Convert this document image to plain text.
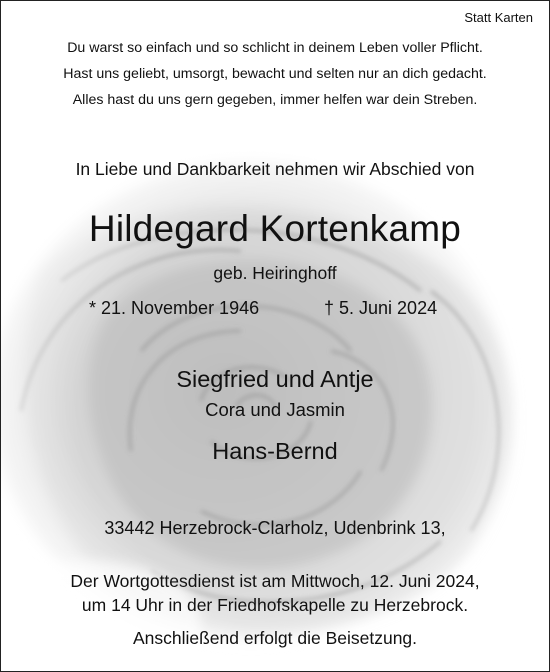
Statt Karten
Du warst so einfach und so schlicht in deinem Leben voller Pflicht.
Hast uns geliebt, umsorgt, bewacht und selten nur an dich gedacht.
Alles hast du uns gern gegeben, immer helfen war dein Streben.
In Liebe und Dankbarkeit nehmen wir Abschied von
Hildegard Kortenkamp
geb. Heiringhoff
* 21. November 1946	† 5. Juni 2024
Siegfried und Antje
Cora und Jasmin
Hans-Bernd
33442 Herzebrock-Clarholz, Udenbrink 13,
Der Wortgottesdienst ist am Mittwoch, 12. Juni 2024,
um 14 Uhr in der Friedhofskapelle zu Herzebrock.
Anschließend erfolgt die Beisetzung.
